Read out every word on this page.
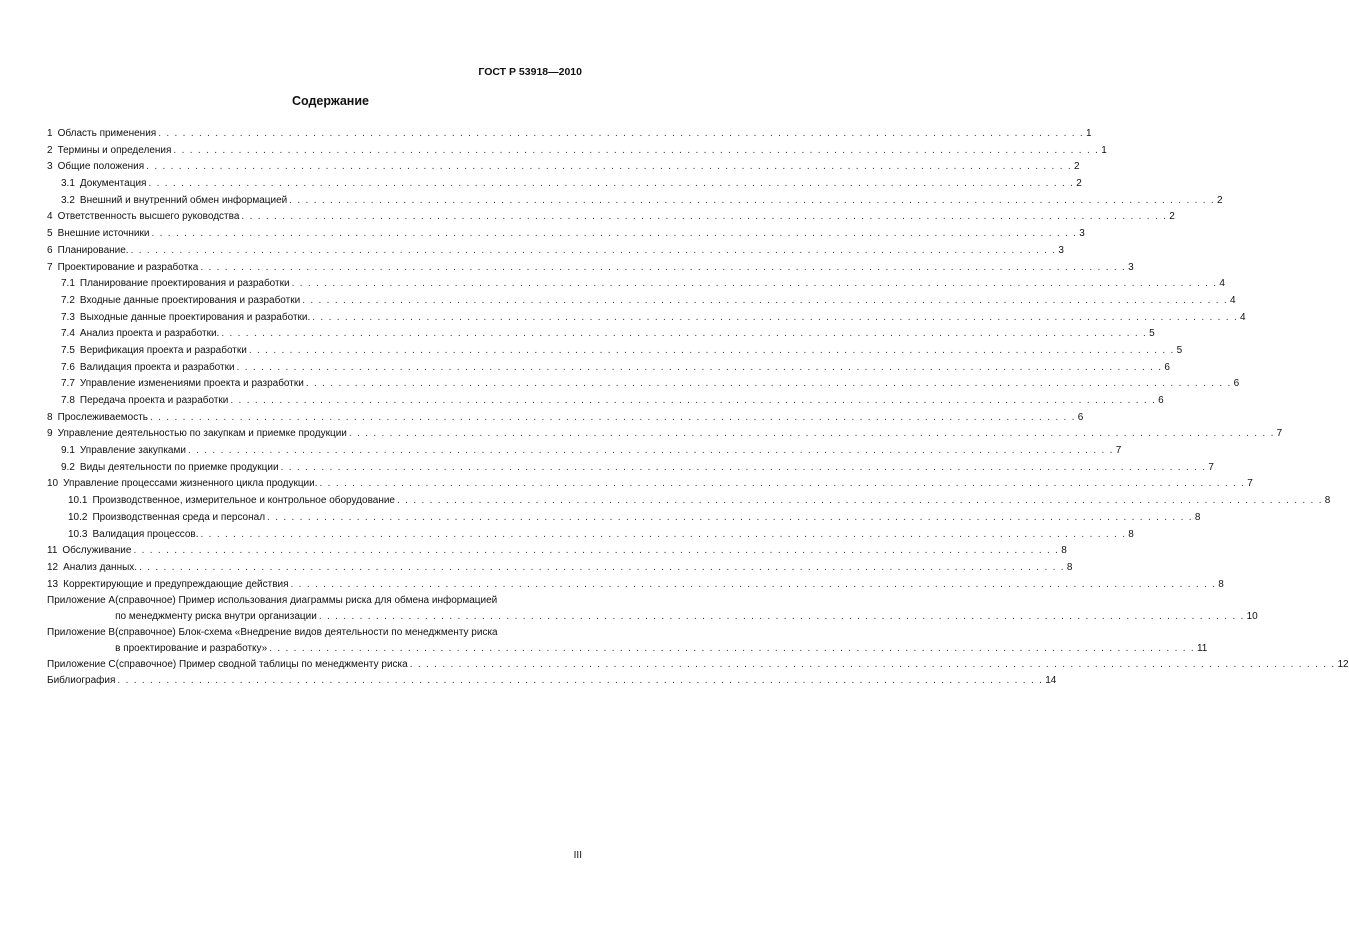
ГОСТ Р 53918—2010
Содержание
1 Область применения . . .	1
2 Термины и определения . . .	1
3 Общие положения . . .	2
3.1 Документация . . .	2
3.2 Внешний и внутренний обмен информацией . . .	2
4 Ответственность высшего руководства . . .	2
5 Внешние источники . . .	3
6 Планирование. . . .	3
7 Проектирование и разработка . . .	3
7.1 Планирование проектирования и разработки . . .	4
7.2 Входные данные проектирования и разработки . . .	4
7.3 Выходные данные проектирования и разработки. . . .	4
7.4 Анализ проекта и разработки. . . .	5
7.5 Верификация проекта и разработки . . .	5
7.6 Валидация проекта и разработки . . .	6
7.7 Управление изменениями проекта и разработки . . .	6
7.8 Передача проекта и разработки . . .	6
8 Прослеживаемость . . .	6
9 Управление деятельностью по закупкам и приемке продукции . . .	7
9.1 Управление закупками . . .	7
9.2 Виды деятельности по приемке продукции . . .	7
10 Управление процессами жизненного цикла продукции. . . .	7
10.1 Производственное, измерительное и контрольное оборудование . . .	8
10.2 Производственная среда и персонал . . .	8
10.3 Валидация процессов. . . .	8
11 Обслуживание . . .	8
12 Анализ данных. . . .	8
13 Корректирующие и предупреждающие действия . . .	8
Приложение A (справочное) Пример использования диаграммы риска для обмена информацией
по менеджменту риска внутри организации . . .	10
Приложение B (справочное) Блок-схема «Внедрение видов деятельности по менеджменту риска
в проектирование и разработку» . . .	11
Приложение C (справочное) Пример сводной таблицы по менеджменту риска . . .	12
Библиография . . .	14
III
